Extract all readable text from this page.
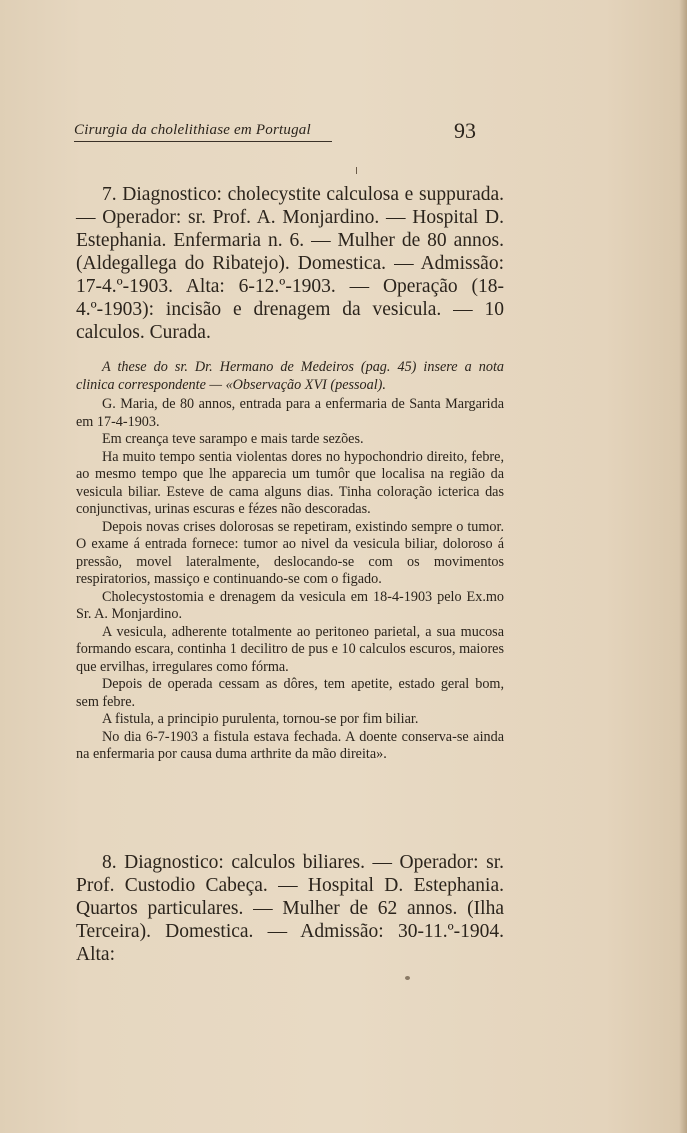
Cirurgia da cholelithiase em Portugal	93

7. Diagnostico: cholecystite calculosa e suppurada. — Operador: sr. Prof. A. Monjardino. — Hospital D. Estephania. Enfermaria n. 6. — Mulher de 80 annos. (Aldegallega do Ribatejo). Domestica. — Admissão: 17-4.º-1903. Alta: 6-12.º-1903. — Operação (18-4.º-1903): incisão e drenagem da vesicula. — 10 calculos. Curada.

A these do sr. Dr. Hermano de Medeiros (pag. 45) insere a nota clinica correspondente — «Observação XVI (pessoal).

G. Maria, de 80 annos, entrada para a enfermaria de Santa Margarida em 17-4-1903.

Em creança teve sarampo e mais tarde sezões.

Ha muito tempo sentia violentas dores no hypochondrio direito, febre, ao mesmo tempo que lhe apparecia um tumôr que localisa na região da vesicula biliar. Esteve de cama alguns dias. Tinha coloração icterica das conjunctivas, urinas escuras e fézes não descoradas.

Depois novas crises dolorosas se repetiram, existindo sempre o tumor. O exame á entrada fornece: tumor ao nivel da vesicula biliar, doloroso á pressão, movel lateralmente, deslocando-se com os movimentos respiratorios, massiço e continuando-se com o figado.

Cholecystostomia e drenagem da vesicula em 18-4-1903 pelo Ex.mo Sr. A. Monjardino.

A vesicula, adherente totalmente ao peritoneo parietal, a sua mucosa formando escara, continha 1 decilitro de pus e 10 calculos escuros, maiores que ervilhas, irregulares como fórma.

Depois de operada cessam as dôres, tem apetite, estado geral bom, sem febre.

A fistula, a principio purulenta, tornou-se por fim biliar.

No dia 6-7-1903 a fistula estava fechada. A doente conserva-se ainda na enfermaria por causa duma arthrite da mão direita».

8. Diagnostico: calculos biliares. — Operador: sr. Prof. Custodio Cabeça. — Hospital D. Estephania. Quartos particulares. — Mulher de 62 annos. (Ilha Terceira). Domestica. — Admissão: 30-11.º-1904. Alta:
